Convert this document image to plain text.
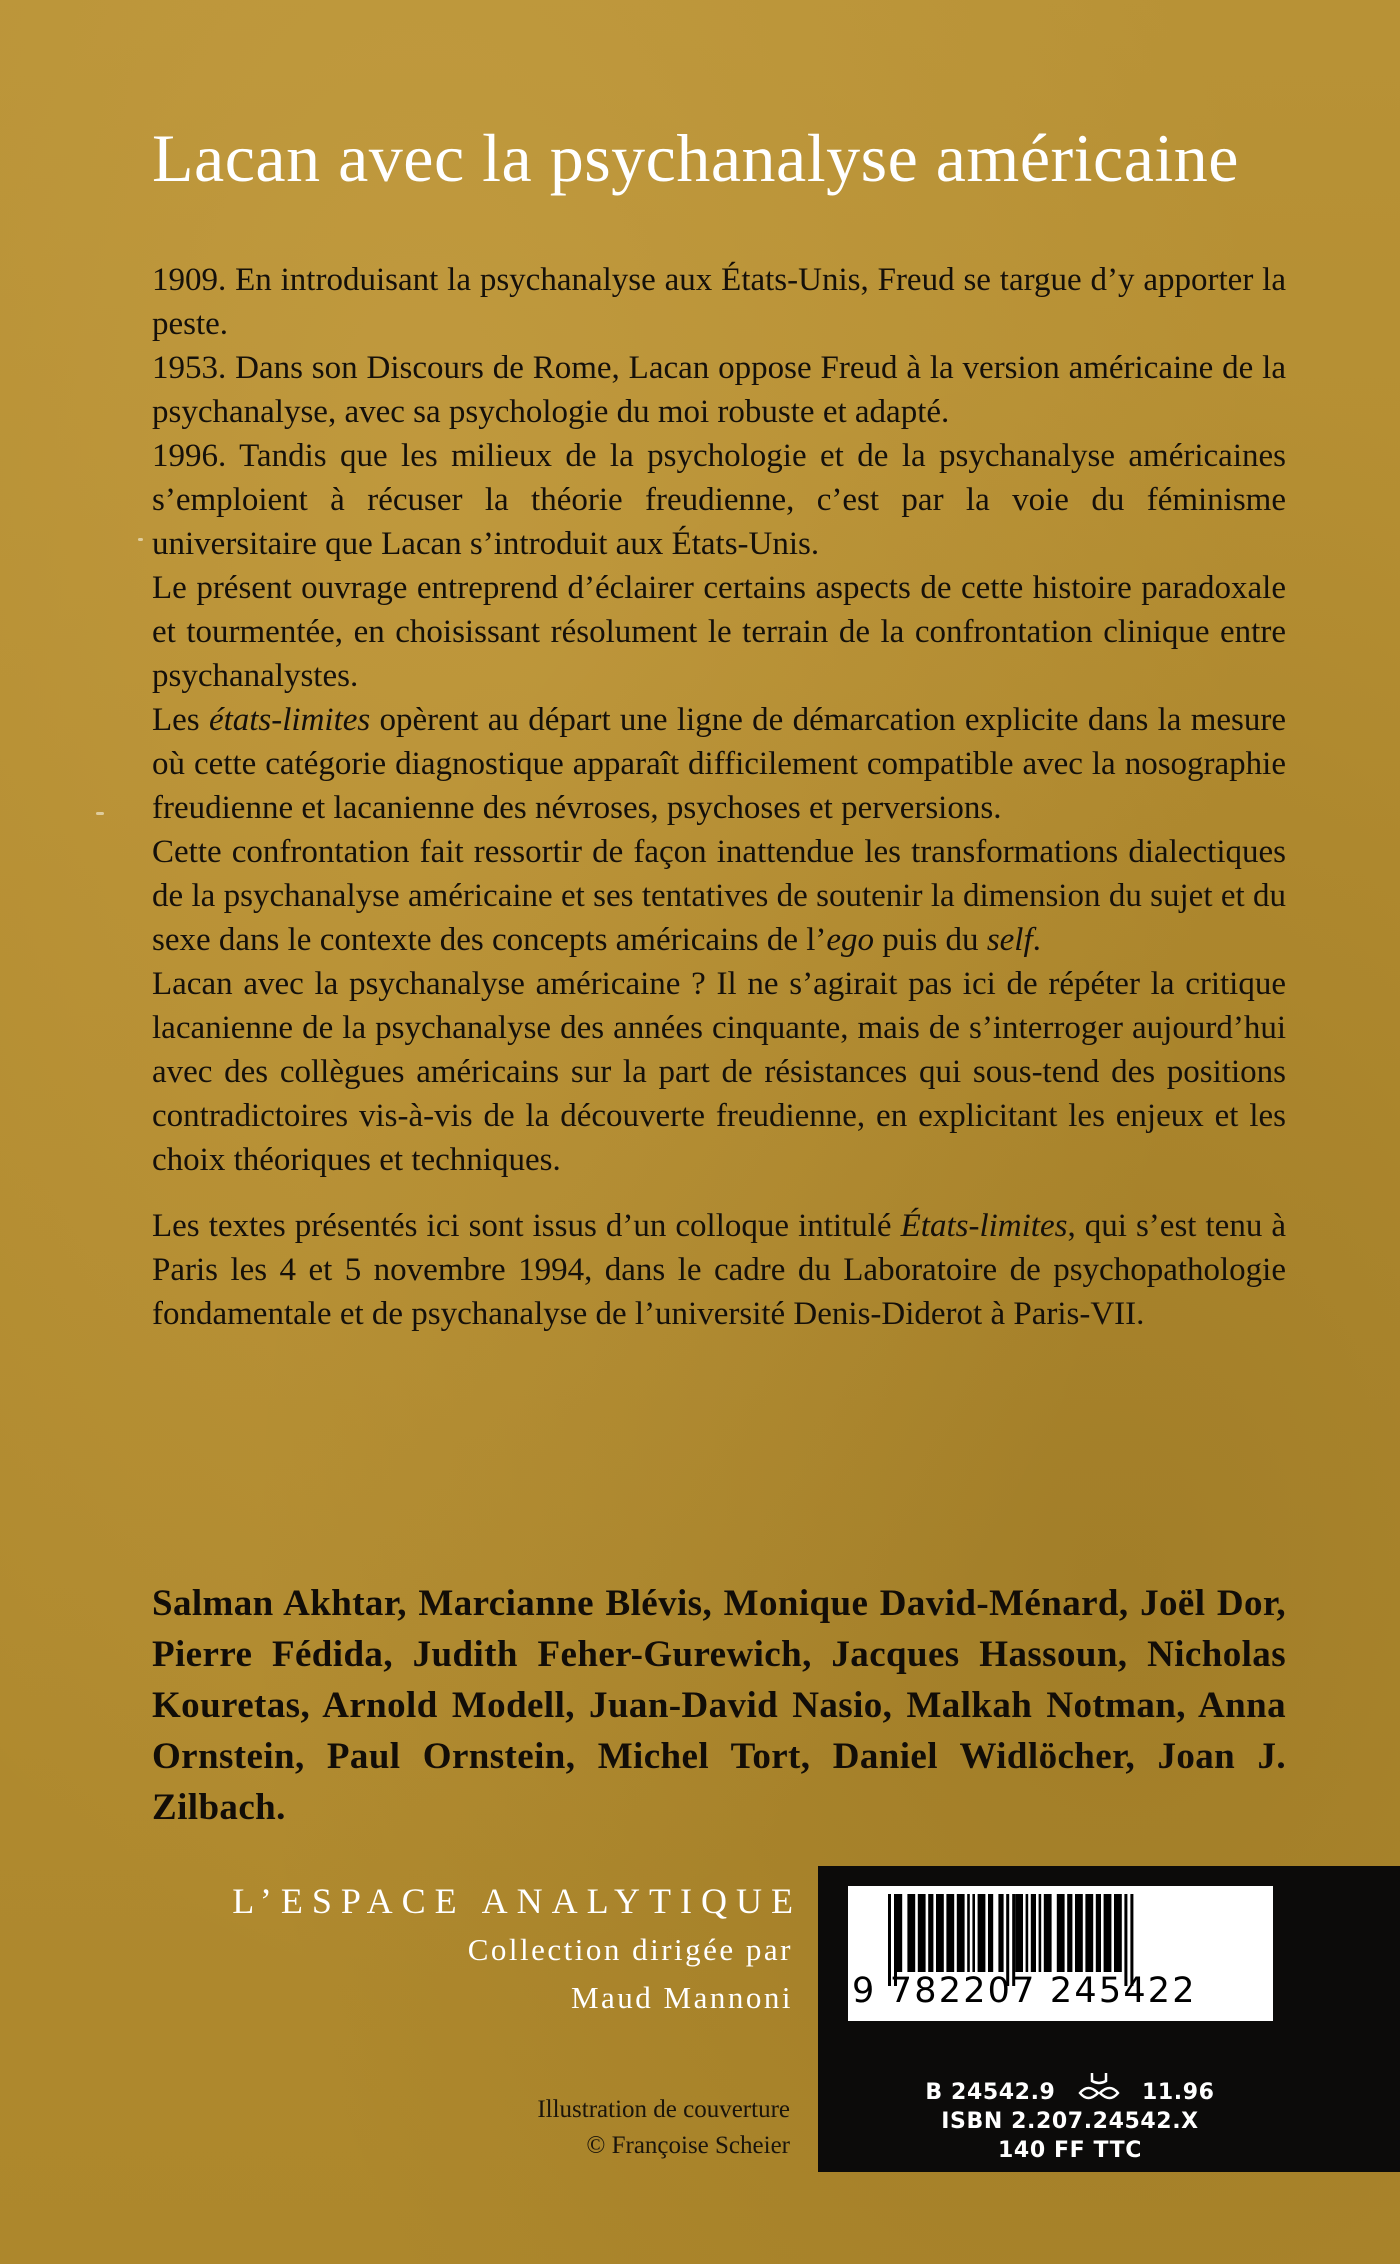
Lacan avec la psychanalyse américaine

1909. En introduisant la psychanalyse aux États-Unis, Freud se targue d’y apporter la peste.

1953. Dans son Discours de Rome, Lacan oppose Freud à la version américaine de la psychanalyse, avec sa psychologie du moi robuste et adapté.

1996. Tandis que les milieux de la psychologie et de la psychanalyse américaines s’emploient à récuser la théorie freudienne, c’est par la voie du féminisme universitaire que Lacan s’introduit aux États-Unis.

Le présent ouvrage entreprend d’éclairer certains aspects de cette histoire paradoxale et tourmentée, en choisissant résolument le terrain de la confrontation clinique entre psychanalystes.

Les états-limites opèrent au départ une ligne de démarcation explicite dans la mesure où cette catégorie diagnostique apparaît difficilement compatible avec la nosographie freudienne et lacanienne des névroses, psychoses et perversions.

Cette confrontation fait ressortir de façon inattendue les transformations dialectiques de la psychanalyse américaine et ses tentatives de soutenir la dimension du sujet et du sexe dans le contexte des concepts américains de l’ego puis du self.

Lacan avec la psychanalyse américaine ? Il ne s’agirait pas ici de répéter la critique lacanienne de la psychanalyse des années cinquante, mais de s’interroger aujourd’hui avec des collègues américains sur la part de résistances qui sous-tend des positions contradictoires vis-à-vis de la découverte freudienne, en explicitant les enjeux et les choix théoriques et techniques.

Les textes présentés ici sont issus d’un colloque intitulé États-limites, qui s’est tenu à Paris les 4 et 5 novembre 1994, dans le cadre du Laboratoire de psychopathologie fondamentale et de psychanalyse de l’université Denis-Diderot à Paris-VII.

Salman Akhtar, Marcianne Blévis, Monique David-Ménard, Joël Dor, Pierre Fédida, Judith Feher-Gurewich, Jacques Hassoun, Nicholas Kouretas, Arnold Modell, Juan-David Nasio, Malkah Notman, Anna Ornstein, Paul Ornstein, Michel Tort, Daniel Widlöcher, Joan J. Zilbach.
L’ESPACE ANALYTIQUE
Collection dirigée par
Maud Mannoni
Illustration de couverture
© Françoise Scheier
9 782207 245422
B 24542.9	11.96
ISBN 2.207.24542.X
140 FF TTC
